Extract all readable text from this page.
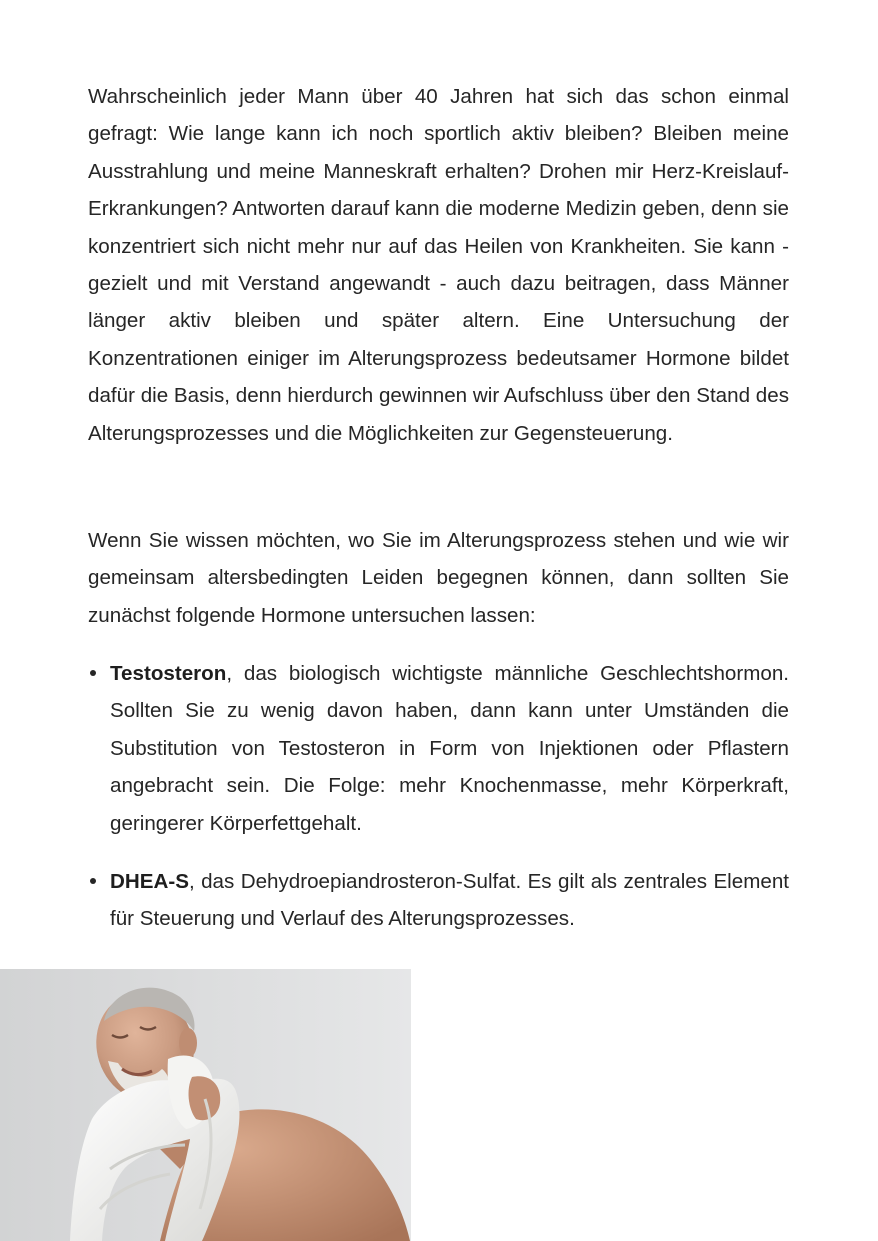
Wahrscheinlich jeder Mann über 40 Jahren hat sich das schon einmal gefragt: Wie lange kann ich noch sportlich aktiv bleiben? Bleiben meine Ausstrahlung und meine Manneskraft erhalten? Drohen mir Herz-Kreislauf-Erkrankungen? Antworten darauf kann die moderne Medizin geben, denn sie konzentriert sich nicht mehr nur auf das Heilen von Krankheiten. Sie kann - gezielt und mit Verstand angewandt - auch dazu beitragen, dass Männer länger aktiv bleiben und später altern. Eine Untersuchung der Konzentrationen einiger im Alterungsprozess bedeutsamer Hormone bildet dafür die Basis, denn hierdurch gewinnen wir Aufschluss über den Stand des Alterungsprozesses und die Möglichkeiten zur Gegensteuerung.

Wenn Sie wissen möchten, wo Sie im Alterungsprozess stehen und wie wir gemeinsam altersbedingten Leiden begegnen können, dann sollten Sie zunächst folgende Hormone untersuchen lassen:

Testosteron, das biologisch wichtigste männliche Geschlechtshormon. Sollten Sie zu wenig davon haben, dann kann unter Umständen die Substitution von Testosteron in Form von Injektionen oder Pflastern angebracht sein. Die Folge: mehr Knochenmasse, mehr Körperkraft, geringerer Körperfettgehalt.

DHEA-S, das Dehydroepiandrosteron-Sulfat. Es gilt als zentrales Element für Steuerung und Verlauf des Alterungsprozesses.
